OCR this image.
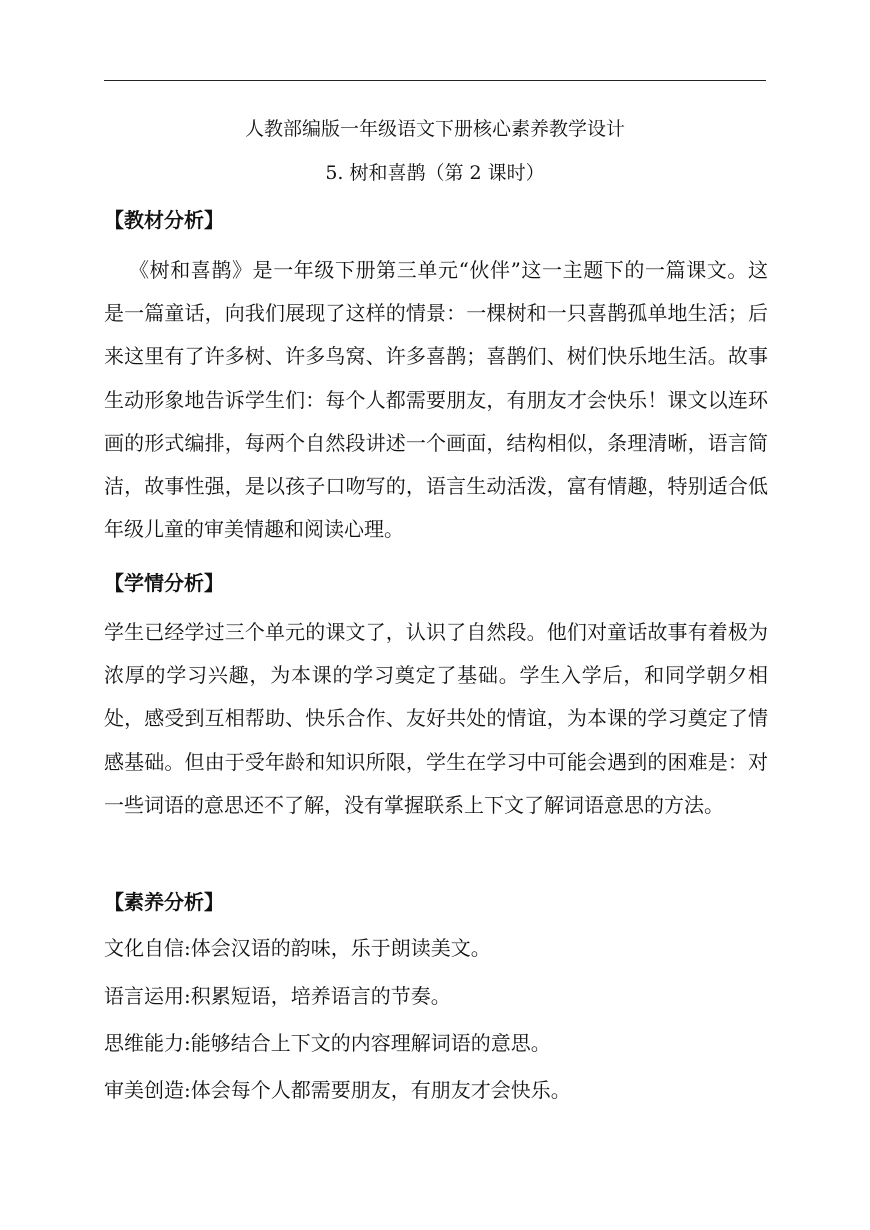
人教部编版一年级语文下册核心素养教学设计
5. 树和喜鹊（第 2 课时）
【教材分析】
《树和喜鹊》是一年级下册第三单元“伙伴”这一主题下的一篇课文。这是一篇童话，向我们展现了这样的情景：一棵树和一只喜鹊孤单地生活；后来这里有了许多树、许多鸟窝、许多喜鹊；喜鹊们、树们快乐地生活。故事生动形象地告诉学生们：每个人都需要朋友，有朋友才会快乐！课文以连环画的形式编排，每两个自然段讲述一个画面，结构相似，条理清晰，语言简洁，故事性强，是以孩子口吻写的，语言生动活泼，富有情趣，特别适合低年级儿童的审美情趣和阅读心理。
【学情分析】
学生已经学过三个单元的课文了，认识了自然段。他们对童话故事有着极为浓厚的学习兴趣，为本课的学习奠定了基础。学生入学后，和同学朝夕相处，感受到互相帮助、快乐合作、友好共处的情谊，为本课的学习奠定了情感基础。但由于受年龄和知识所限，学生在学习中可能会遇到的困难是：对一些词语的意思还不了解，没有掌握联系上下文了解词语意思的方法。
【素养分析】
文化自信:体会汉语的韵味，乐于朗读美文。
语言运用:积累短语，培养语言的节奏。
思维能力:能够结合上下文的内容理解词语的意思。
审美创造:体会每个人都需要朋友，有朋友才会快乐。
